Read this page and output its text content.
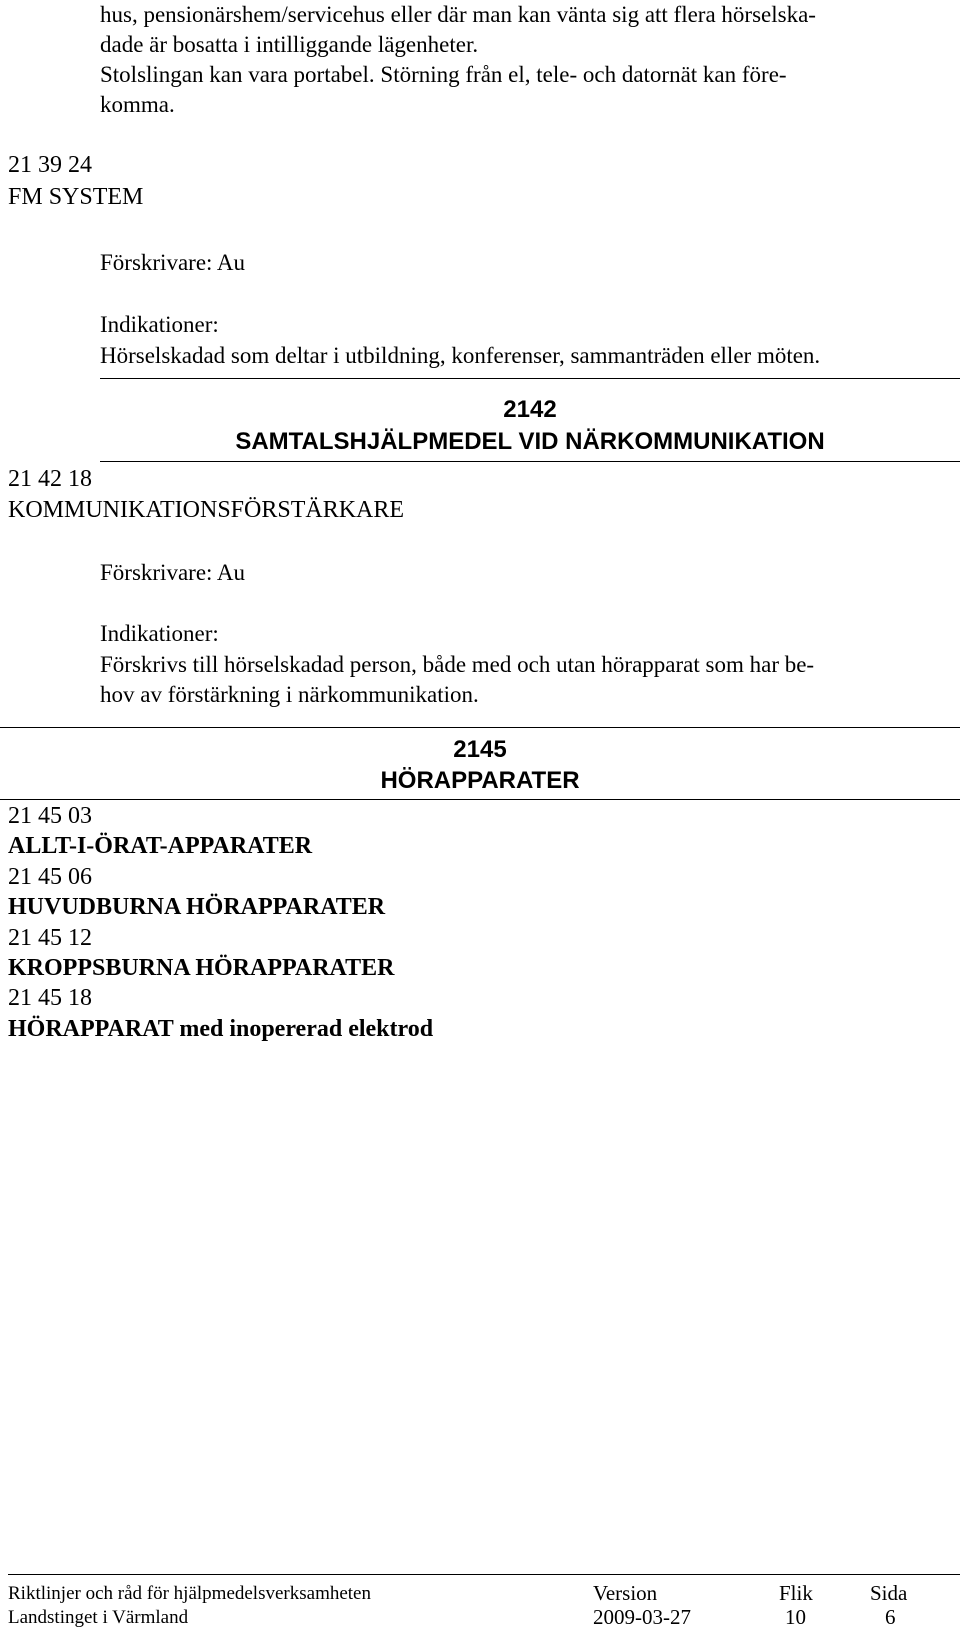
hus, pensionärshem/servicehus eller där man kan vänta sig att flera hörselska-
dade är bosatta i intilliggande lägenheter.
Stolslingan kan vara portabel. Störning från el, tele- och datornät kan före-
komma.
21 39 24
FM SYSTEM
Förskrivare: Au
Indikationer:
Hörselskadad som deltar i utbildning, konferenser, sammanträden eller möten.
2142
SAMTALSHJÄLPMEDEL VID NÄRKOMMUNIKATION
21 42 18
KOMMUNIKATIONSFÖRSTÄRKARE
Förskrivare: Au
Indikationer:
Förskrivs till hörselskadad person, både med och utan hörapparat som har be-
hov av förstärkning i närkommunikation.
2145
HÖRAPPARATER
21 45 03
ALLT-I-ÖRAT-APPARATER
21 45 06
HUVUDBURNA HÖRAPPARATER
21 45 12
KROPPSBURNA HÖRAPPARATER
21 45 18
HÖRAPPARAT med inopererad elektrod
Riktlinjer och råd för hjälpmedelsverksamheten	Version	Flik	Sida
Landstinget i Värmland	2009-03-27	10	6
